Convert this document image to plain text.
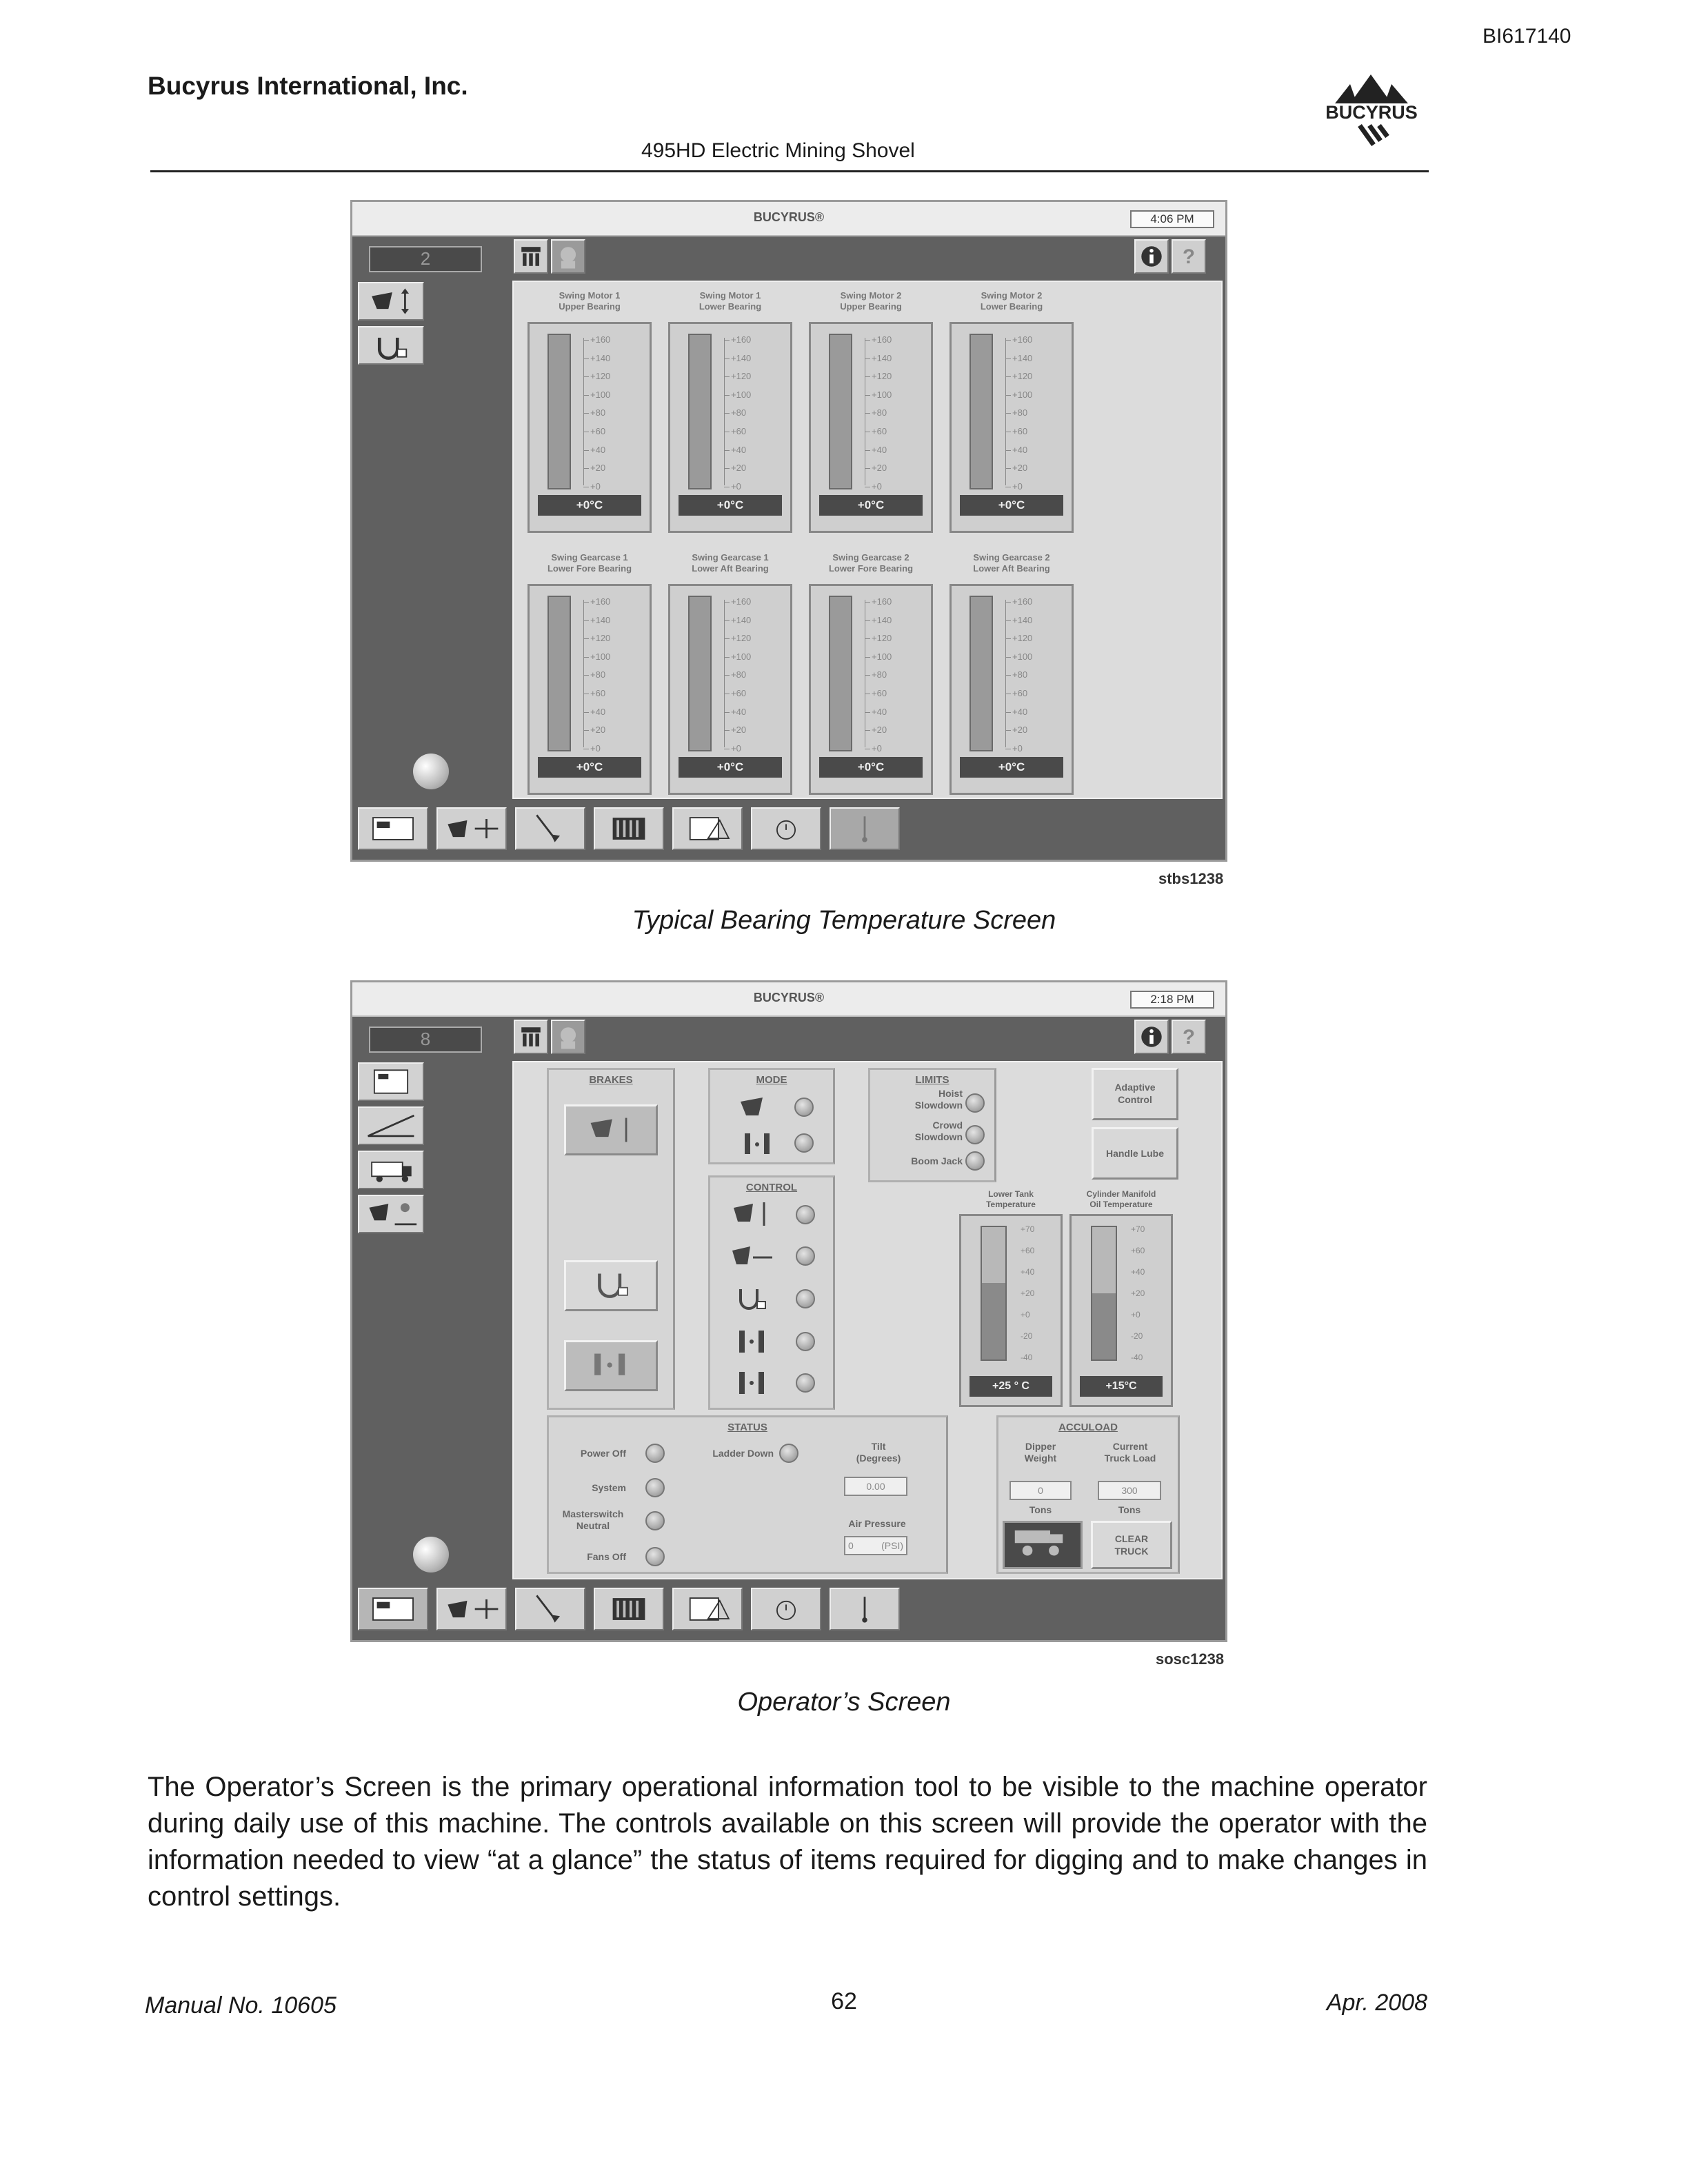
BI617140
Bucyrus International, Inc.
495HD Electric Mining Shovel
BUCYRUS
BUCYRUS®	4:06 PM
2	?
Swing Motor 1
Upper Bearing
+160
+140
+120
+100
+80
+60
+40
+20
+0
+0°C
Swing Motor 1
Lower Bearing
+160
+140
+120
+100
+80
+60
+40
+20
+0
+0°C
Swing Motor 2
Upper Bearing
+160
+140
+120
+100
+80
+60
+40
+20
+0
+0°C
Swing Motor 2
Lower Bearing
+160
+140
+120
+100
+80
+60
+40
+20
+0
+0°C
Swing Gearcase 1
Lower Fore Bearing
+160
+140
+120
+100
+80
+60
+40
+20
+0
+0°C
Swing Gearcase 1
Lower Aft Bearing
+160
+140
+120
+100
+80
+60
+40
+20
+0
+0°C
Swing Gearcase 2
Lower Fore Bearing
+160
+140
+120
+100
+80
+60
+40
+20
+0
+0°C
Swing Gearcase 2
Lower Aft Bearing
+160
+140
+120
+100
+80
+60
+40
+20
+0
+0°C
stbs1238
Typical Bearing Temperature Screen
BUCYRUS®	2:18 PM
8	?
BRAKES	MODE
CONTROL
LIMITS
Hoist
Slowdown
Crowd
Slowdown
Boom Jack
Adaptive
Control
Handle Lube
STATUS
Power Off	Ladder Down
Tilt
(Degrees)
0.00
System
Masterswitch
Neutral	Air Pressure
0	(PSI)
Fans Off
ACCULOAD
Dipper
Weight
Current
Truck Load
0	300
Tons	Tons
CLEAR
TRUCK
Lower Tank
Temperature
+70
+60
+40
+20
+0
-20
-40
+25 ° C
Cylinder Manifold
Oil Temperature
+70
+60
+40
+20
+0
-20
-40
+15°C
sosc1238
Operator’s Screen
The Operator’s Screen is the primary operational information tool to be visible to the machine operator during daily use of this machine. The controls available on this screen will provide the operator with the information needed to view “at a glance” the status of items required for digging and to make changes in control settings.
Manual No. 10605	62	Apr. 2008
